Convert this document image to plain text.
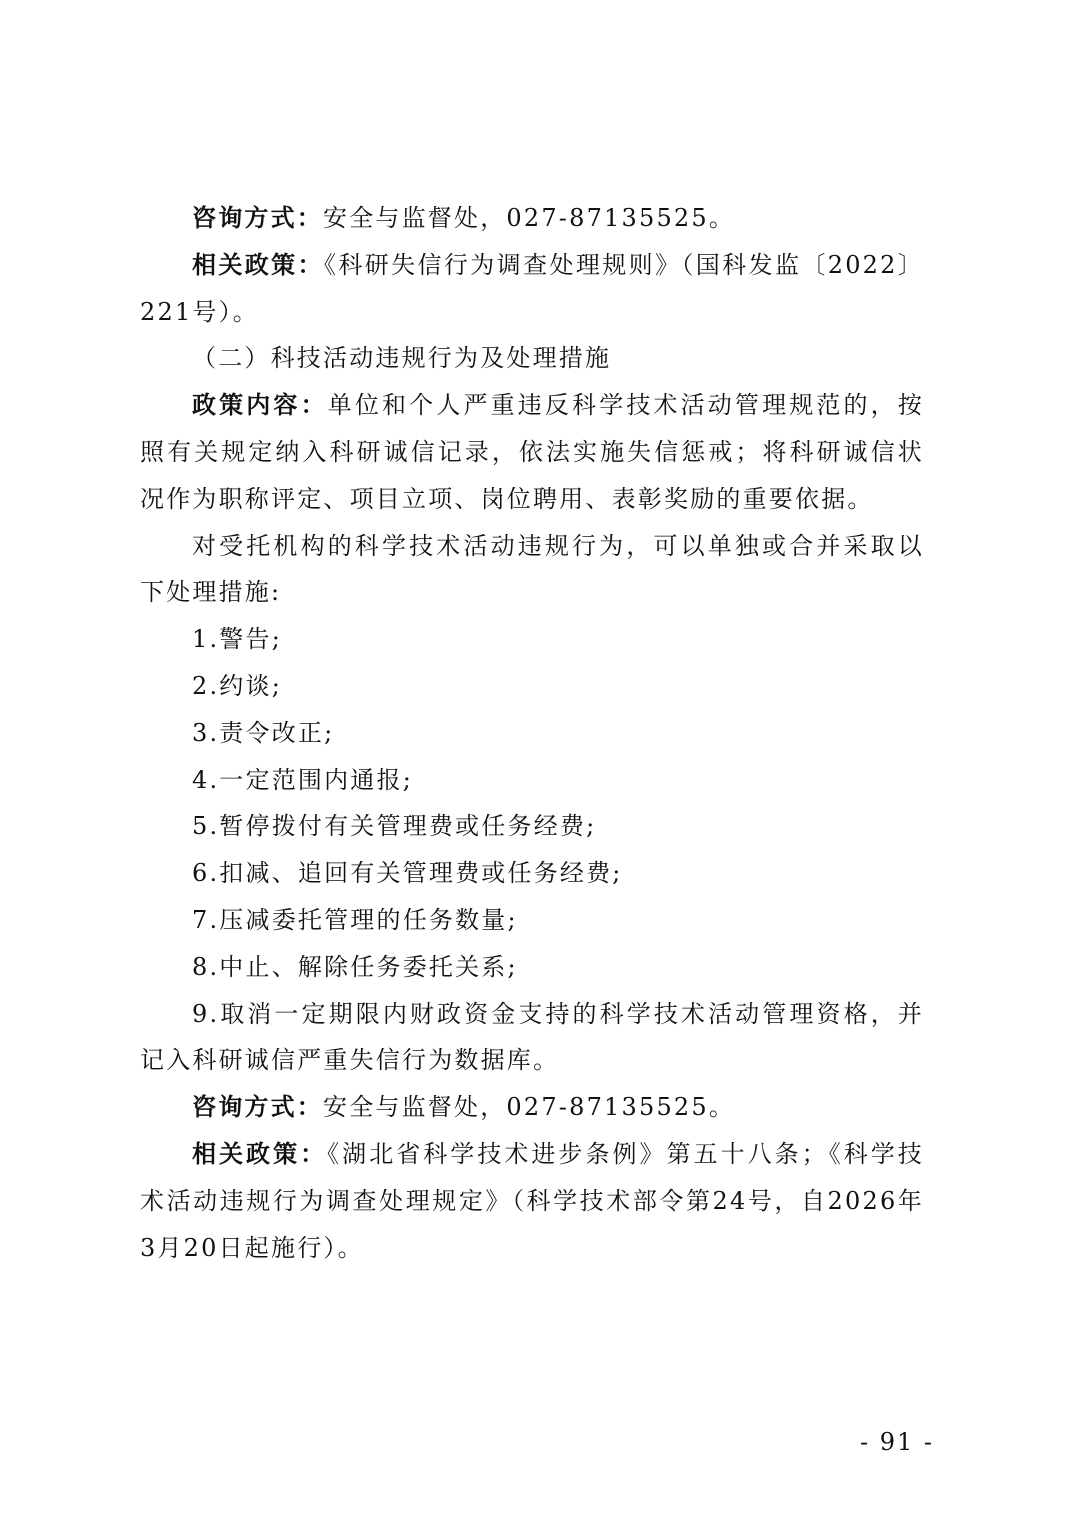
咨询方式：安全与监督处，027-87135525。

相关政策：《科研失信行为调查处理规则》（国科发监〔2022〕221号）。

（二）科技活动违规行为及处理措施

政策内容：单位和个人严重违反科学技术活动管理规范的，按照有关规定纳入科研诚信记录，依法实施失信惩戒；将科研诚信状况作为职称评定、项目立项、岗位聘用、表彰奖励的重要依据。

对受托机构的科学技术活动违规行为，可以单独或合并采取以下处理措施:

1.警告;

2.约谈;

3.责令改正;

4.一定范围内通报;

5.暂停拨付有关管理费或任务经费;

6.扣减、追回有关管理费或任务经费;

7.压减委托管理的任务数量;

8.中止、解除任务委托关系;

9.取消一定期限内财政资金支持的科学技术活动管理资格，并记入科研诚信严重失信行为数据库。

咨询方式：安全与监督处，027-87135525。

相关政策：《湖北省科学技术进步条例》第五十八条；《科学技术活动违规行为调查处理规定》（科学技术部令第24号，自2026年3月20日起施行）。

- 91 -
